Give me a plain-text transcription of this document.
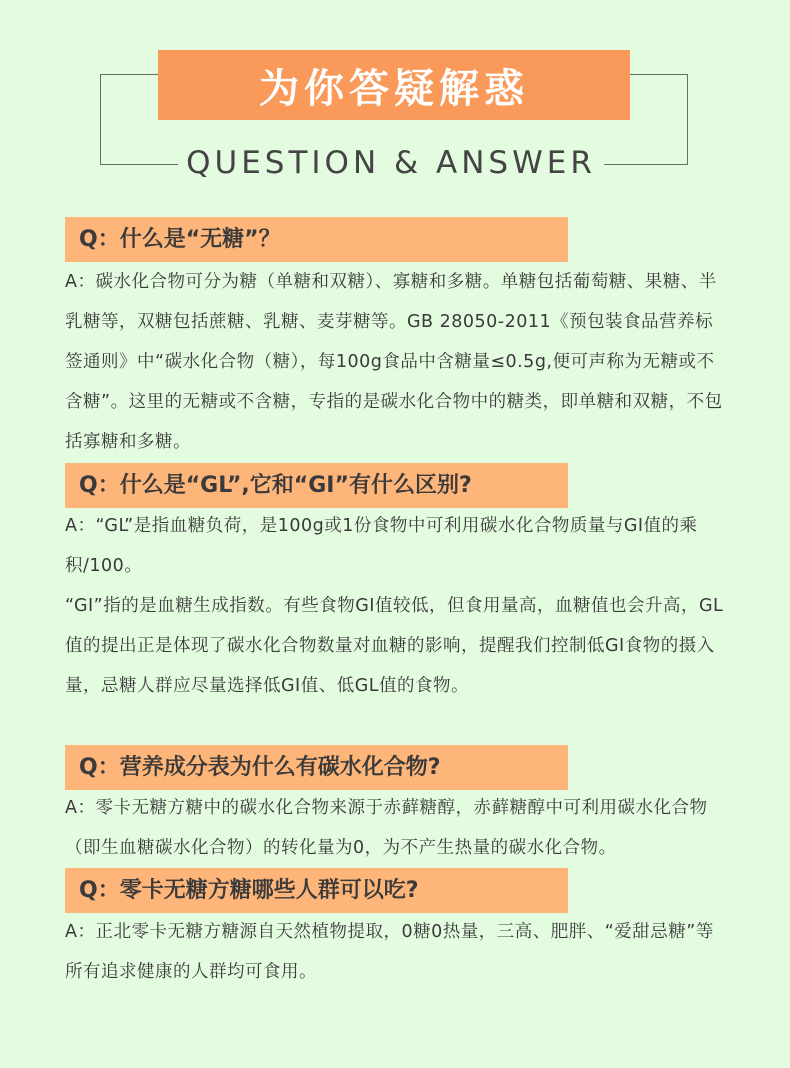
为你答疑解惑
QUESTION & ANSWER
Q：什么是“无糖”？
A：碳水化合物可分为糖（单糖和双糖）、寡糖和多糖。单糖包括葡萄糖、果糖、半乳糖等，双糖包括蔗糖、乳糖、麦芽糖等。GB 28050-2011《预包装食品营养标签通则》中“碳水化合物（糖），每100g食品中含糖量≤0.5g,便可声称为无糖或不含糖”。这里的无糖或不含糖，专指的是碳水化合物中的糖类，即单糖和双糖，不包括寡糖和多糖。
Q：什么是“GL”,它和“GI”有什么区别?
A：“GL”是指血糖负荷，是100g或1份食物中可利用碳水化合物质量与GI值的乘积/100。
“GI”指的是血糖生成指数。有些食物GI值较低，但食用量高，血糖值也会升高，GL值的提出正是体现了碳水化合物数量对血糖的影响，提醒我们控制低GI食物的摄入量，忌糖人群应尽量选择低GI值、低GL值的食物。
Q：营养成分表为什么有碳水化合物?
A：零卡无糖方糖中的碳水化合物来源于赤藓糖醇，赤藓糖醇中可利用碳水化合物（即生血糖碳水化合物）的转化量为0，为不产生热量的碳水化合物。
Q：零卡无糖方糖哪些人群可以吃?
A：正北零卡无糖方糖源自天然植物提取，0糖0热量，三高、肥胖、“爱甜忌糖”等所有追求健康的人群均可食用。
